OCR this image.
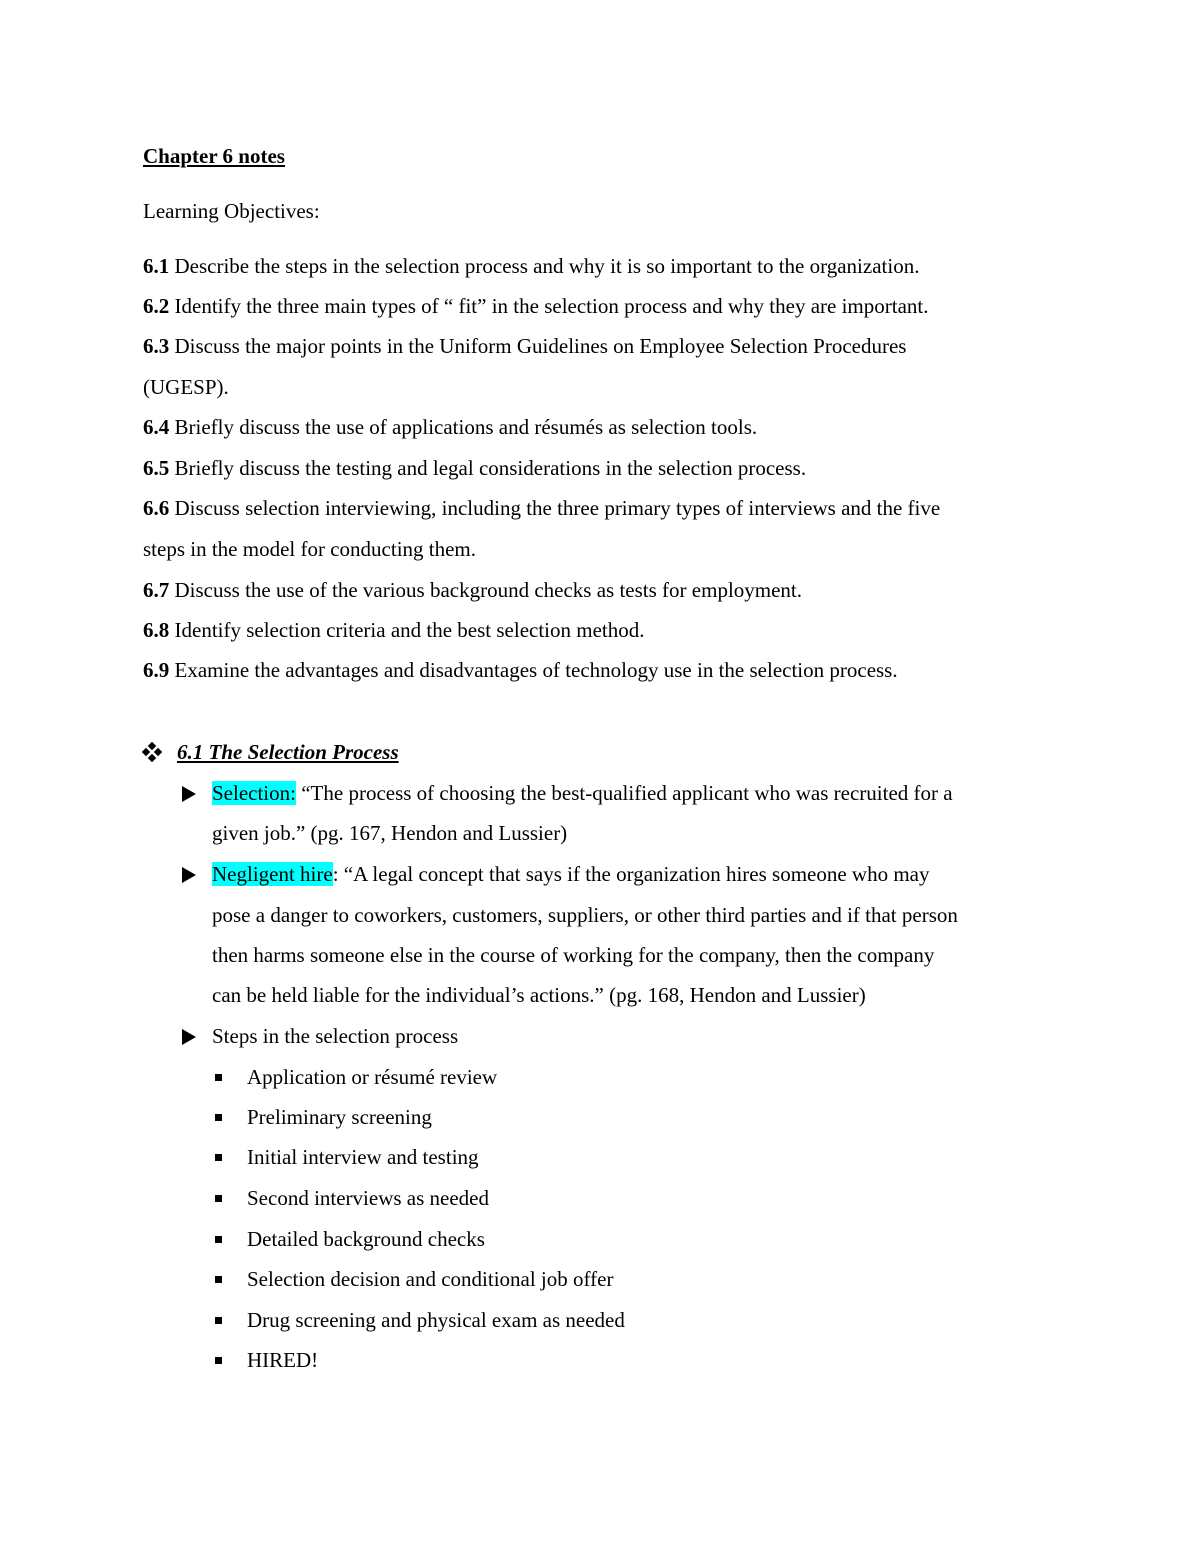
Chapter 6 notes
Learning Objectives:
6.1 Describe the steps in the selection process and why it is so important to the organization.
6.2 Identify the three main types of “ fit” in the selection process and why they are important.
6.3 Discuss the major points in the Uniform Guidelines on Employee Selection Procedures
(UGESP).
6.4 Briefly discuss the use of applications and résumés as selection tools.
6.5 Briefly discuss the testing and legal considerations in the selection process.
6.6 Discuss selection interviewing, including the three primary types of interviews and the five
steps in the model for conducting them.
6.7 Discuss the use of the various background checks as tests for employment.
6.8 Identify selection criteria and the best selection method.
6.9 Examine the advantages and disadvantages of technology use in the selection process.
6.1 The Selection Process
Selection: “The process of choosing the best-qualified applicant who was recruited for a
given job.” (pg. 167, Hendon and Lussier)
Negligent hire: “A legal concept that says if the organization hires someone who may
pose a danger to coworkers, customers, suppliers, or other third parties and if that person
then harms someone else in the course of working for the company, then the company
can be held liable for the individual’s actions.” (pg. 168, Hendon and Lussier)
Steps in the selection process
Application or résumé review
Preliminary screening
Initial interview and testing
Second interviews as needed
Detailed background checks
Selection decision and conditional job offer
Drug screening and physical exam as needed
HIRED!
